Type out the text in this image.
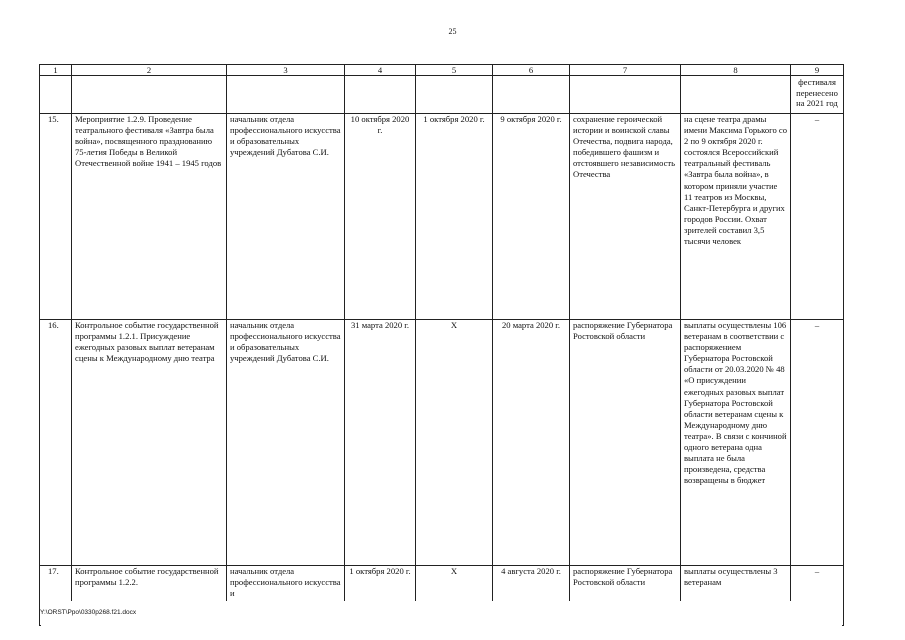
25
1	2	3	4	5	6	7	8	9
								фестиваля перенесено на 2021 год
15.	Мероприятие 1.2.9. Проведение театрального фестиваля «Завтра была война», посвященного празднованию 75-летия Победы в Великой Отечественной войне 1941 – 1945 годов	начальник отдела профессионального искусства и образовательных учреждений Дубатова С.И.	10 октября 2020 г.	1 октября 2020 г.	9 октября 2020 г.	сохранение героической истории и воинской славы Отечества, подвига народа, победившего фашизм и отстоявшего независимость Отечества	на сцене театра драмы имени Максима Горького со 2 по 9 октября 2020 г. состоялся Всероссийский театральный фестиваль «Завтра была война», в котором приняли участие 11 театров из Москвы, Санкт-Петербурга и других городов России. Охват зрителей составил 3,5 тысячи человек	–
16.	Контрольное событие государственной программы 1.2.1. Присуждение ежегодных разовых выплат ветеранам сцены к Международному дню театра	начальник отдела профессионального искусства и образовательных учреждений Дубатова С.И.	31 марта 2020 г.	Х	20 марта 2020 г.	распоряжение Губернатора Ростовской области	выплаты осуществлены 106 ветеранам в соответствии с распоряжением Губернатора Ростовской области от 20.03.2020 № 48 «О присуждении ежегодных разовых выплат Губернатора Ростовской области ветеранам сцены к Международному дню театра». В связи с кончиной одного ветерана одна выплата не была произведена, средства возвращены в бюджет	–
17.	Контрольное событие государственной программы 1.2.2.	начальник отдела профессионального искусства и	1 октября 2020 г.	Х	4 августа 2020 г.	распоряжение Губернатора Ростовской области	выплаты осуществлены 3 ветеранам	–
Y:\ORST\Ppo\0330p268.f21.docx
